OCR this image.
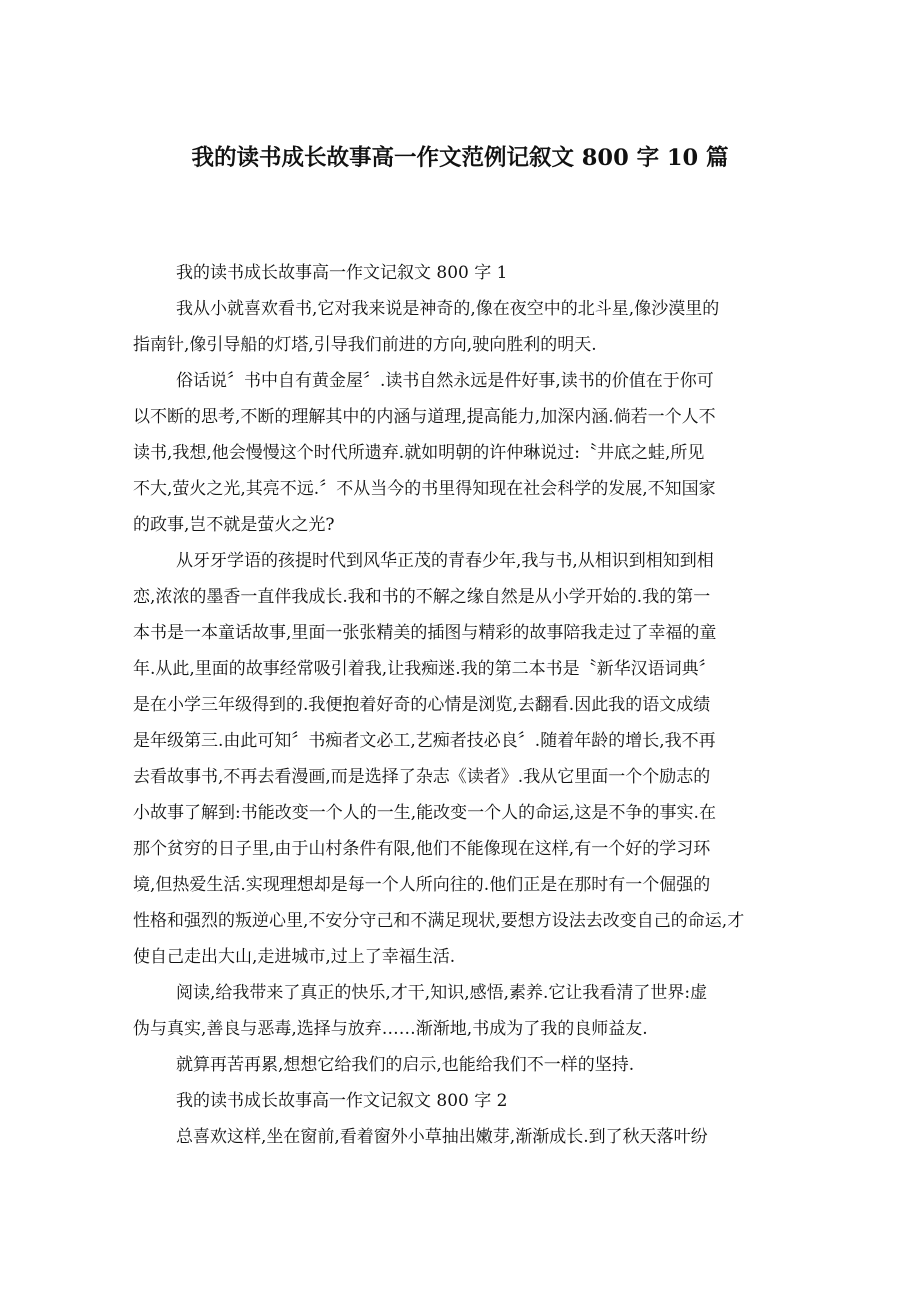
我的读书成长故事高一作文范例记叙文 800 字 10 篇
我的读书成长故事高一作文记叙文 800 字 1
我从小就喜欢看书,它对我来说是神奇的,像在夜空中的北斗星,像沙漠里的
指南针,像引导船的灯塔,引导我们前进的方向,驶向胜利的明天.
俗话说〞书中自有黄金屋〞.读书自然永远是件好事,读书的价值在于你可
以不断的思考,不断的理解其中的内涵与道理,提高能力,加深内涵.倘若一个人不
读书,我想,他会慢慢这个时代所遗弃.就如明朝的许仲琳说过:〝井底之蛙,所见
不大,萤火之光,其亮不远.〞不从当今的书里得知现在社会科学的发展,不知国家
的政事,岂不就是萤火之光?
从牙牙学语的孩提时代到风华正茂的青春少年,我与书,从相识到相知到相
恋,浓浓的墨香一直伴我成长.我和书的不解之缘自然是从小学开始的.我的第一
本书是一本童话故事,里面一张张精美的插图与精彩的故事陪我走过了幸福的童
年.从此,里面的故事经常吸引着我,让我痴迷.我的第二本书是〝新华汉语词典〞
是在小学三年级得到的.我便抱着好奇的心情是浏览,去翻看.因此我的语文成绩
是年级第三.由此可知〞书痴者文必工,艺痴者技必良〞.随着年龄的增长,我不再
去看故事书,不再去看漫画,而是选择了杂志《读者》.我从它里面一个个励志的
小故事了解到:书能改变一个人的一生,能改变一个人的命运,这是不争的事实.在
那个贫穷的日子里,由于山村条件有限,他们不能像现在这样,有一个好的学习环
境,但热爱生活.实现理想却是每一个人所向往的.他们正是在那时有一个倔强的
性格和强烈的叛逆心里,不安分守己和不满足现状,要想方设法去改变自己的命运,才
使自己走出大山,走进城市,过上了幸福生活.
阅读,给我带来了真正的快乐,才干,知识,感悟,素养.它让我看清了世界:虚
伪与真实,善良与恶毒,选择与放弃……渐渐地,书成为了我的良师益友.
就算再苦再累,想想它给我们的启示,也能给我们不一样的坚持.
我的读书成长故事高一作文记叙文 800 字 2
总喜欢这样,坐在窗前,看着窗外小草抽出嫩芽,渐渐成长.到了秋天落叶纷
